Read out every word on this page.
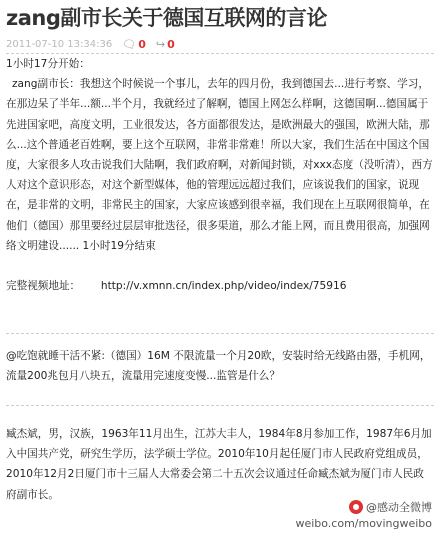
zang副市长关于德国互联网的言论
2011-07-10 13:34:36 🗨 0 ↪ 0
1小时17分开始：
zang副市长：我想这个时候说一个事儿，去年的四月份，我到德国去...进行考察、学习，在那边呆了半年...额...半个月，我就经过了解啊，德国上网怎么样啊，这德国啊...德国属于先进国家吧，高度文明，工业很发达，各方面都很发达，是欧洲最大的强国，欧洲大陆，那么...这个普通老百姓啊，要上这个互联网，非常非常难！所以大家，我们生活在中国这个国度，大家很多人攻击说我们大陆啊，我们政府啊，对新闻封锁，对xxx态度（没听清），西方人对这个意识形态，对这个新型媒体，他的管理远远超过我们，应该说我们的国家，说现在，是非常的文明，非常民主的国家，大家应该感到很幸福，我们现在上互联网很简单，在他们（德国）那里要经过层层审批迭径，很多渠道，那么才能上网，而且费用很高，加强网络文明建设...... 1小时19分结束
完整视频地址： http://v.xmnn.cn/index.php/video/index/75916
@吃饱就睡干活不紧:（德国）16M 不限流量一个月20欧，安装时给无线路由器，手机网，流量200兆包月八块五，流量用完速度变慢...监管是什么？
臧杰斌，男，汉族，1963年11月出生，江苏大丰人，1984年8月参加工作，1987年6月加入中国共产党，研究生学历，法学硕士学位。2010年10月起任厦门市人民政府党组成员，2010年12月2日厦门市十三届人大常委会第二十五次会议通过任命臧杰斌为厦门市人民政府副市长。
@感动全微博
weibo.com/movingweibo
